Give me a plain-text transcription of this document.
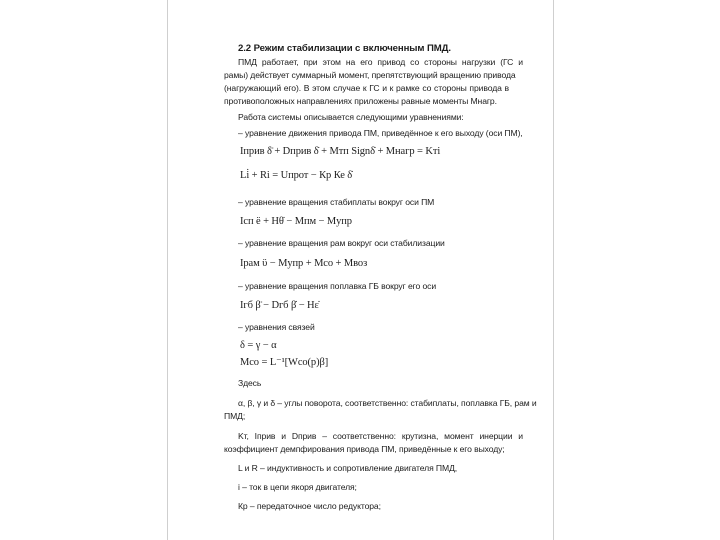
2.2 Режим стабилизации с включенным ПМД.
ПМД работает, при этом на его привод со стороны нагрузки (ГС и
рамы) действует суммарный момент, препятствующий вращению привода
(нагружающий его). В этом случае к ГС и к рамке со стороны привода в
противоположных направлениях приложены равные моменты Мнагр.
Работа системы описывается следующими уравнениями:
– уравнение движения привода ПМ, приведённое к его выходу (оси ПМ),
Iприв δ̈ + Dприв δ̇ + Mтп Signδ̇ + Mнагр = Kтi
Li̇ + Ri = Uпрот − Кр Ке δ̇
– уравнение вращения стабиплаты вокруг оси ПМ
Iсп ë + Hθ̇ − Mпм − Mупр
– уравнение вращения рам вокруг оси стабилизации
Iрам ϋ − Mупр + Mсо + Mвоз
– уравнение вращения поплавка ГБ вокруг его оси
Iгб β̈ − Dгб β̇ − Hε̇
– уравнения связей
δ = γ − α
Mсо = L⁻¹[Wсо(p)β]
Здесь
α, β, γ и δ – углы поворота, соответственно: стабиплаты, поплавка ГБ, рам и
ПМД;
Kт, Iприв и Dприв – соответственно: крутизна, момент инерции и
коэффициент демпфирования привода ПМ, приведённые к его выходу;
L и R – индуктивность и сопротивление двигателя ПМД,
i – ток в цепи якоря двигателя;
Кр – передаточное число редуктора;
